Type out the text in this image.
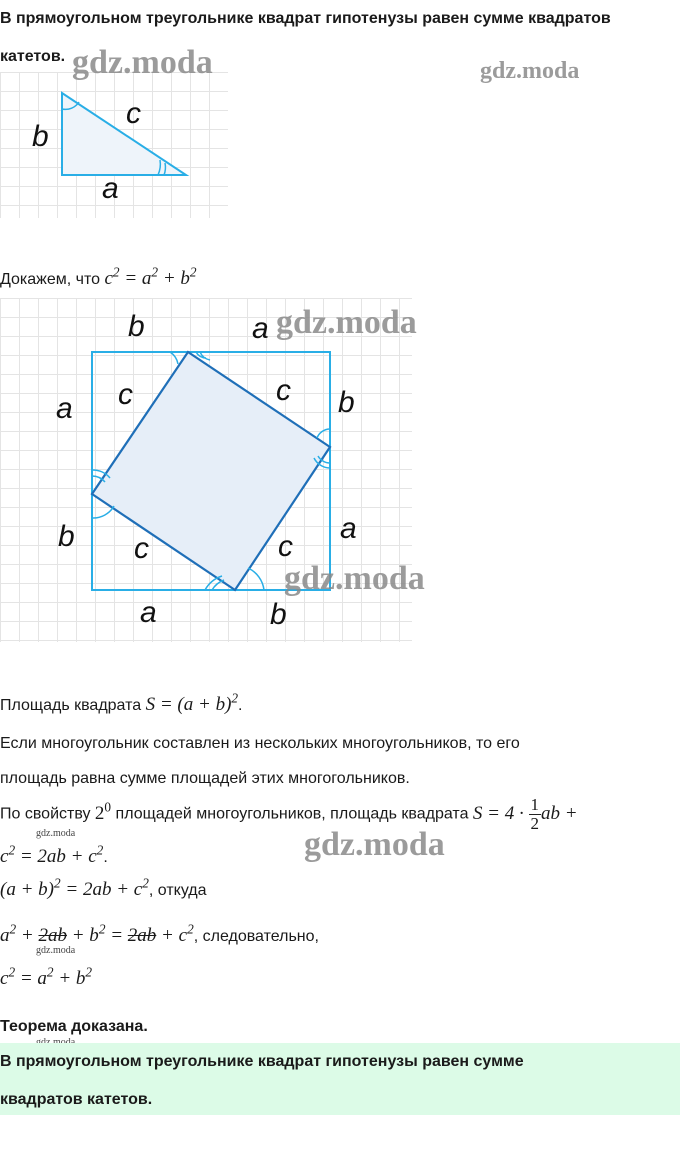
В прямоугольном треугольнике квадрат гипотенузы равен сумме квадратов
катетов.
b
c
a
gdz.moda	gdz.moda
Докажем, что $c^2 = a^2 + b^2$
b	a
a
b
b
a
a	b
c	c
c	c
gdz.moda
gdz.moda
Площадь квадрата $S = (a + b)^2$.
Если многоугольник составлен из нескольких многоугольников, то его
площадь равна сумме площадей этих многогольников.
По свойству $2^0$ площадей многоугольников, площадь квадрата $S = 4 \cdot \frac{1}{2}$ ab +
gdz.moda
$c^2 = 2ab + c^2$.	gdz.moda
$(a + b)^2 = 2ab + c^2$, откуда
$a^2 + 2ab + b^2 = 2ab + c^2$, следовательно,
gdz.moda
$c^2 = a^2 + b^2$
Теорема доказана.
В прямоугольном треугольнике квадрат гипотенузы равен сумме
квадратов катетов.
